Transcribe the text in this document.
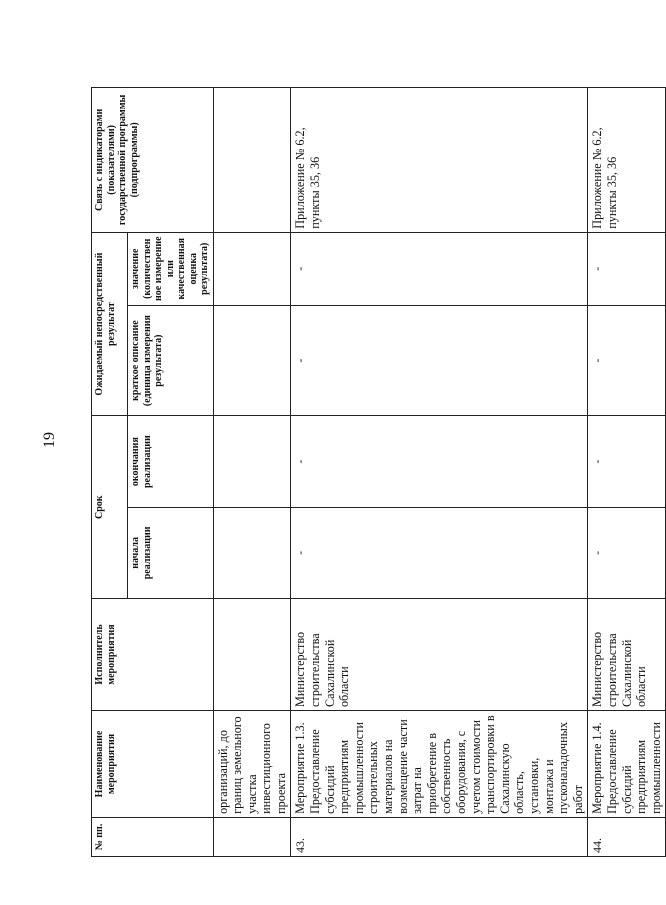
19
№ пп.	Наименование мероприятия	Исполнитель мероприятия	Срок		Ожидаемый непосредственный результат		Связь с индикаторами (показателями) государственной программы (подпрограммы)
			начала реализации	окончания реализации	краткое описание (единица измерения результата)	значение (количественное измерение или качественная оценка результата)	
	организаций, до границ земельного участка инвестиционного проекта						
43.	Мероприятие 1.3. Предоставление субсидий предприятиям промышленности строительных материалов на возмещение части затрат на приобретение в собственность оборудования, с учетом стоимости транспортировки в Сахалинскую область, установки, монтажа и пусконаладочных работ	Министерство строительства Сахалинской области	-	-	-	-	Приложение № 6.2, пункты 35, 36
44.	Мероприятие 1.4. Предоставление субсидий предприятиям промышленности	Министерство строительства Сахалинской области	-	-	-	-	Приложение № 6.2, пункты 35, 36
